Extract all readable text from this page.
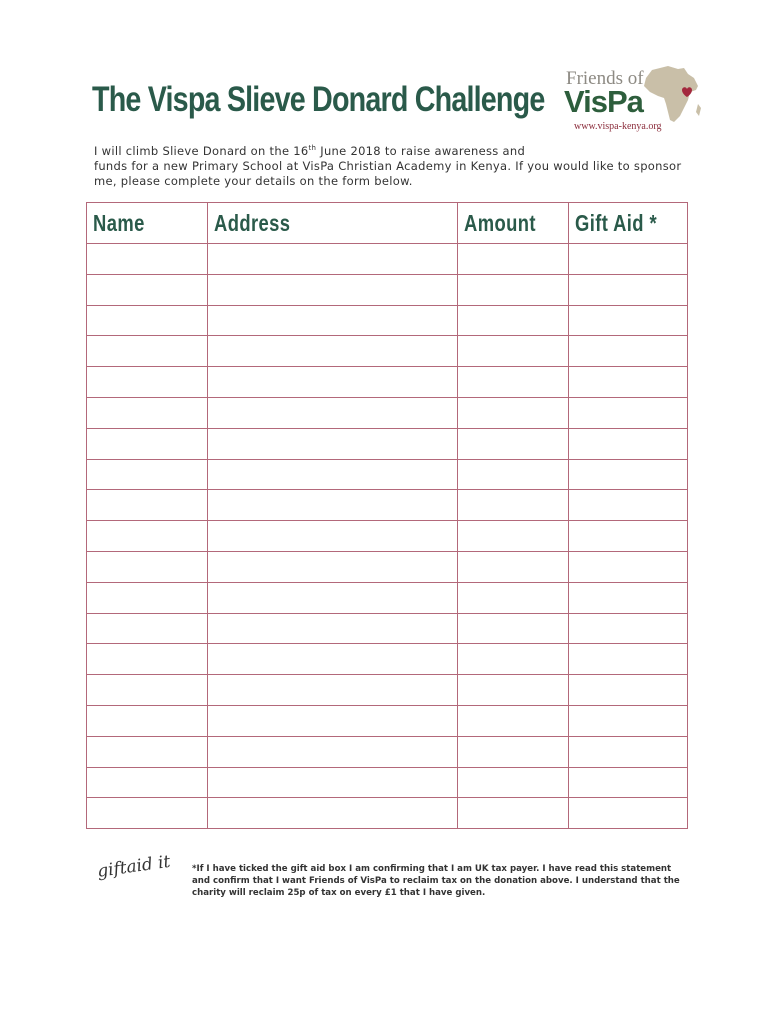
The Vispa Slieve Donard Challenge
Friends of
VisPa
www.vispa-kenya.org
I will climb Slieve Donard on the 16th June 2018 to raise awareness and
funds for a new Primary School at VisPa Christian Academy in Kenya. If you would like to sponsor me, please complete your details on the form below.
Name	Address	Amount	Gift Aid *

giftaid it *If I have ticked the gift aid box I am confirming that I am UK tax payer. I have read this statement and confirm that I want Friends of VisPa to reclaim tax on the donation above. I understand that the charity will reclaim 25p of tax on every £1 that I have given.
